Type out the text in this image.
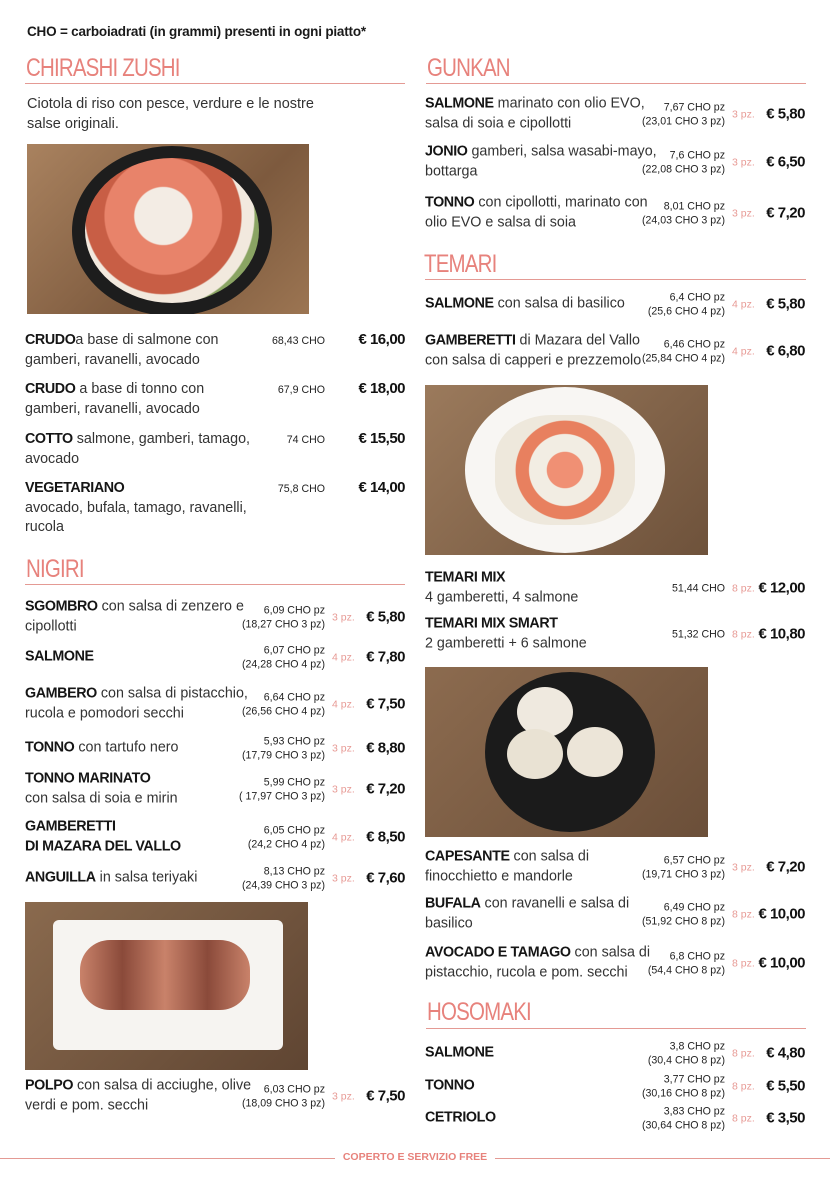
CHO = carboiadrati (in grammi) presenti in ogni piatto*
CHIRASHI ZUSHI
Ciotola di riso con pesce, verdure e le nostre salse originali.
NIGIRI
GUNKAN
TEMARI
HOSOMAKI
CRUDOa base di salmone con gamberi, ravanelli, avocado
68,43 CHO € 16,00
CRUDO a base di tonno con gamberi, ravanelli, avocado
67,9 CHO € 18,00
COTTO salmone, gamberi, tamago, avocado
74 CHO € 15,50
VEGETARIANO
avocado, bufala, tamago, ravanelli, rucola
75,8 CHO € 14,00
SGOMBRO con salsa di zenzero e cipollotti
6,09 CHO pz
(18,27 CHO 3 pz)
3 pz. € 5,80
SALMONE	6,07 CHO pz
(24,28 CHO 4 pz)
4 pz. € 7,80
GAMBERO con salsa di pistacchio, rucola e pomodori secchi
6,64 CHO pz
(26,56 CHO 4 pz)
4 pz. € 7,50
TONNO con tartufo nero	5,93 CHO pz
(17,79 CHO 3 pz)
3 pz. € 8,80
TONNO MARINATO
con salsa di soia e mirin
5,99 CHO pz
( 17,97 CHO 3 pz)
3 pz. € 7,20
GAMBERETTI
DI MAZARA DEL VALLO
6,05 CHO pz
(24,2 CHO 4 pz)
4 pz. € 8,50
ANGUILLA in salsa teriyaki	8,13 CHO pz
(24,39 CHO 3 pz)
3 pz. € 7,60
POLPO con salsa di acciughe, olive verdi e pom. secchi
6,03 CHO pz
(18,09 CHO 3 pz)
3 pz. € 7,50
SALMONE marinato con olio EVO, salsa di soia e cipollotti
7,67 CHO pz
(23,01 CHO 3 pz)
3 pz. € 5,80
JONIO gamberi, salsa wasabi-mayo, bottarga
7,6 CHO pz
(22,08 CHO 3 pz)
3 pz. € 6,50
TONNO con cipollotti, marinato con olio EVO e salsa di soia
8,01 CHO pz
(24,03 CHO 3 pz)
3 pz. € 7,20
SALMONE con salsa di basilico	6,4 CHO pz
(25,6 CHO 4 pz)
4 pz. € 5,80
GAMBERETTI di Mazara del Vallo con salsa di capperi e prezzemolo
6,46 CHO pz
(25,84 CHO 4 pz)
4 pz. € 6,80
TEMARI MIX
4 gamberetti, 4 salmone
51,44 CHO 8 pz. € 12,00
TEMARI MIX SMART
2 gamberetti + 6 salmone
51,32 CHO 8 pz. € 10,80
CAPESANTE con salsa di finocchietto e mandorle
6,57 CHO pz
(19,71 CHO 3 pz)
3 pz. € 7,20
BUFALA con ravanelli e salsa di basilico
6,49 CHO pz
(51,92 CHO 8 pz)
8 pz. € 10,00
AVOCADO E TAMAGO con salsa di pistacchio, rucola e pom. secchi
6,8 CHO pz
(54,4 CHO 8 pz)
8 pz. € 10,00
SALMONE	3,8 CHO pz
(30,4 CHO 8 pz)
8 pz. € 4,80
TONNO	3,77 CHO pz
(30,16 CHO 8 pz)
8 pz. € 5,50
CETRIOLO	3,83 CHO pz
(30,64 CHO 8 pz)
8 pz. € 3,50
COPERTO E SERVIZIO FREE
